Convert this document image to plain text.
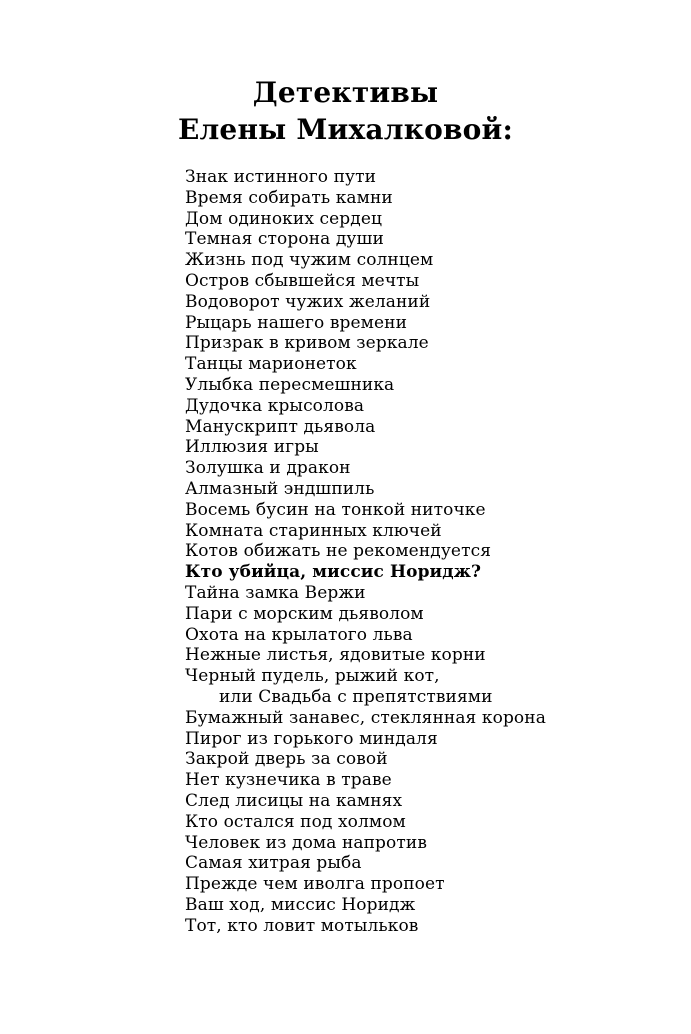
Детективы
Елены Михалковой:
Знак истинного пути
Время собирать камни
Дом одиноких сердец
Темная сторона души
Жизнь под чужим солнцем
Остров сбывшейся мечты
Водоворот чужих желаний
Рыцарь нашего времени
Призрак в кривом зеркале
Танцы марионеток
Улыбка пересмешника
Дудочка крысолова
Манускрипт дьявола
Иллюзия игры
Золушка и дракон
Алмазный эндшпиль
Восемь бусин на тонкой ниточке
Комната старинных ключей
Котов обижать не рекомендуется
Кто убийца, миссис Норидж?
Тайна замка Вержи
Пари с морским дьяволом
Охота на крылатого льва
Нежные листья, ядовитые корни
Черный пудель, рыжий кот,
или Свадьба с препятствиями
Бумажный занавес, стеклянная корона
Пирог из горького миндаля
Закрой дверь за совой
Нет кузнечика в траве
След лисицы на камнях
Кто остался под холмом
Человек из дома напротив
Самая хитрая рыба
Прежде чем иволга пропоет
Ваш ход, миссис Норидж
Тот, кто ловит мотыльков
